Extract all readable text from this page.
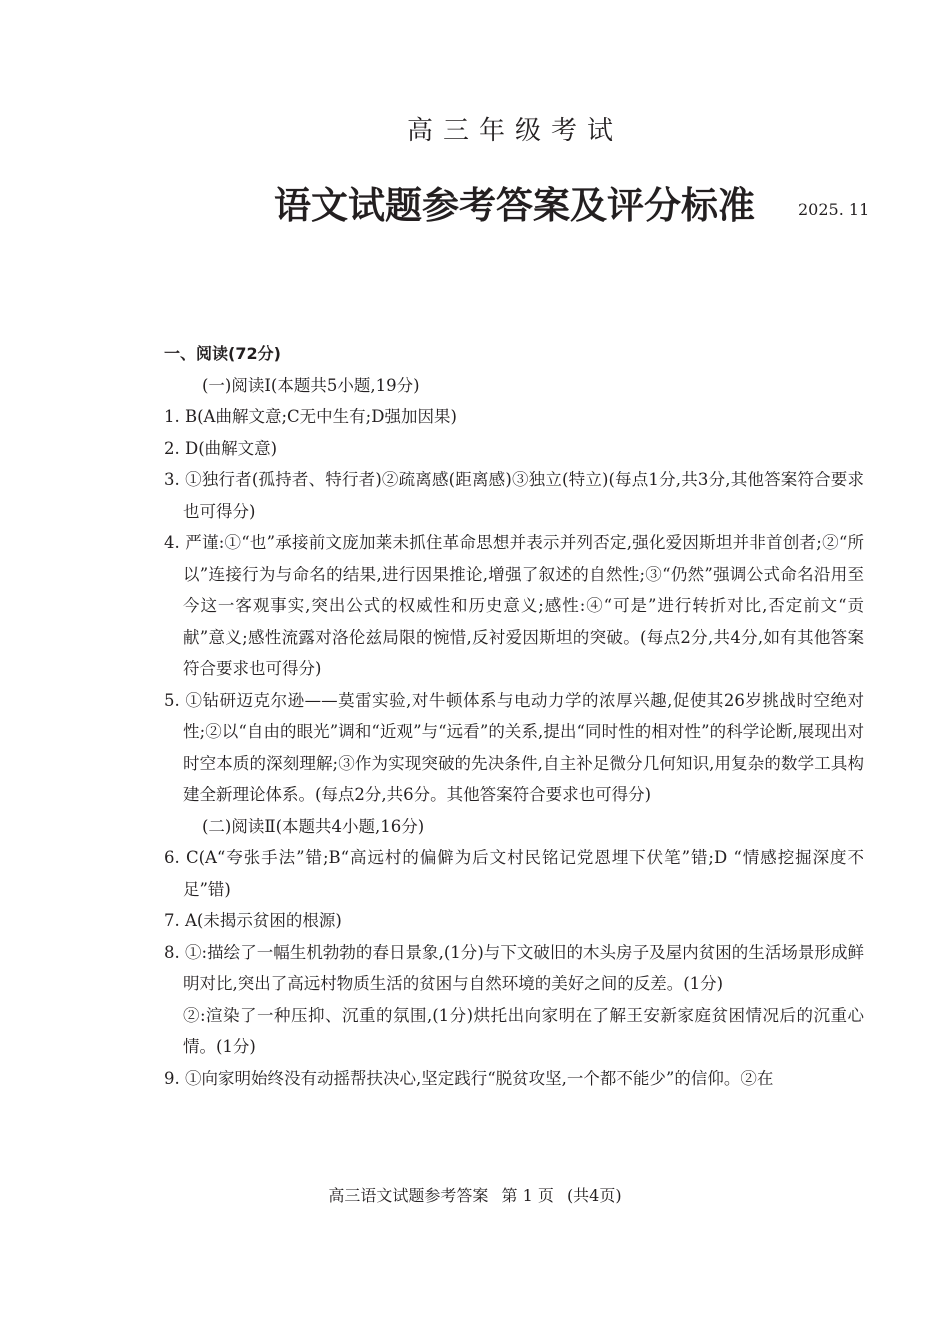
高三年级考试
语文试题参考答案及评分标准	2025. 11
一、阅读(72分)
(一)阅读Ⅰ(本题共5小题,19分)
1. B(A曲解文意;C无中生有;D强加因果)
2. D(曲解文意)
3. ①独行者(孤持者、特行者)②疏离感(距离感)③独立(特立)(每点1分,共3分,其他答案符合要求也可得分)
4. 严谨:①“也”承接前文庞加莱未抓住革命思想并表示并列否定,强化爱因斯坦并非首创者;②“所以”连接行为与命名的结果,进行因果推论,增强了叙述的自然性;③“仍然”强调公式命名沿用至今这一客观事实,突出公式的权威性和历史意义;感性:④“可是”进行转折对比,否定前文“贡献”意义;感性流露对洛伦兹局限的惋惜,反衬爱因斯坦的突破。(每点2分,共4分,如有其他答案符合要求也可得分)
5. ①钻研迈克尔逊——莫雷实验,对牛顿体系与电动力学的浓厚兴趣,促使其26岁挑战时空绝对性;②以“自由的眼光”调和“近观”与“远看”的关系,提出“同时性的相对性”的科学论断,展现出对时空本质的深刻理解;③作为实现突破的先决条件,自主补足微分几何知识,用复杂的数学工具构建全新理论体系。(每点2分,共6分。其他答案符合要求也可得分)
(二)阅读Ⅱ(本题共4小题,16分)
6. C(A“夸张手法”错;B“高远村的偏僻为后文村民铭记党恩埋下伏笔”错;D “情感挖掘深度不足”错)
7. A(未揭示贫困的根源)
8. ①:描绘了一幅生机勃勃的春日景象,(1分)与下文破旧的木头房子及屋内贫困的生活场景形成鲜明对比,突出了高远村物质生活的贫困与自然环境的美好之间的反差。(1分)
②:渲染了一种压抑、沉重的氛围,(1分)烘托出向家明在了解王安新家庭贫困情况后的沉重心情。(1分)
9. ①向家明始终没有动摇帮扶决心,坚定践行“脱贫攻坚,一个都不能少”的信仰。②在
高三语文试题参考答案 第 1 页 (共4页)
